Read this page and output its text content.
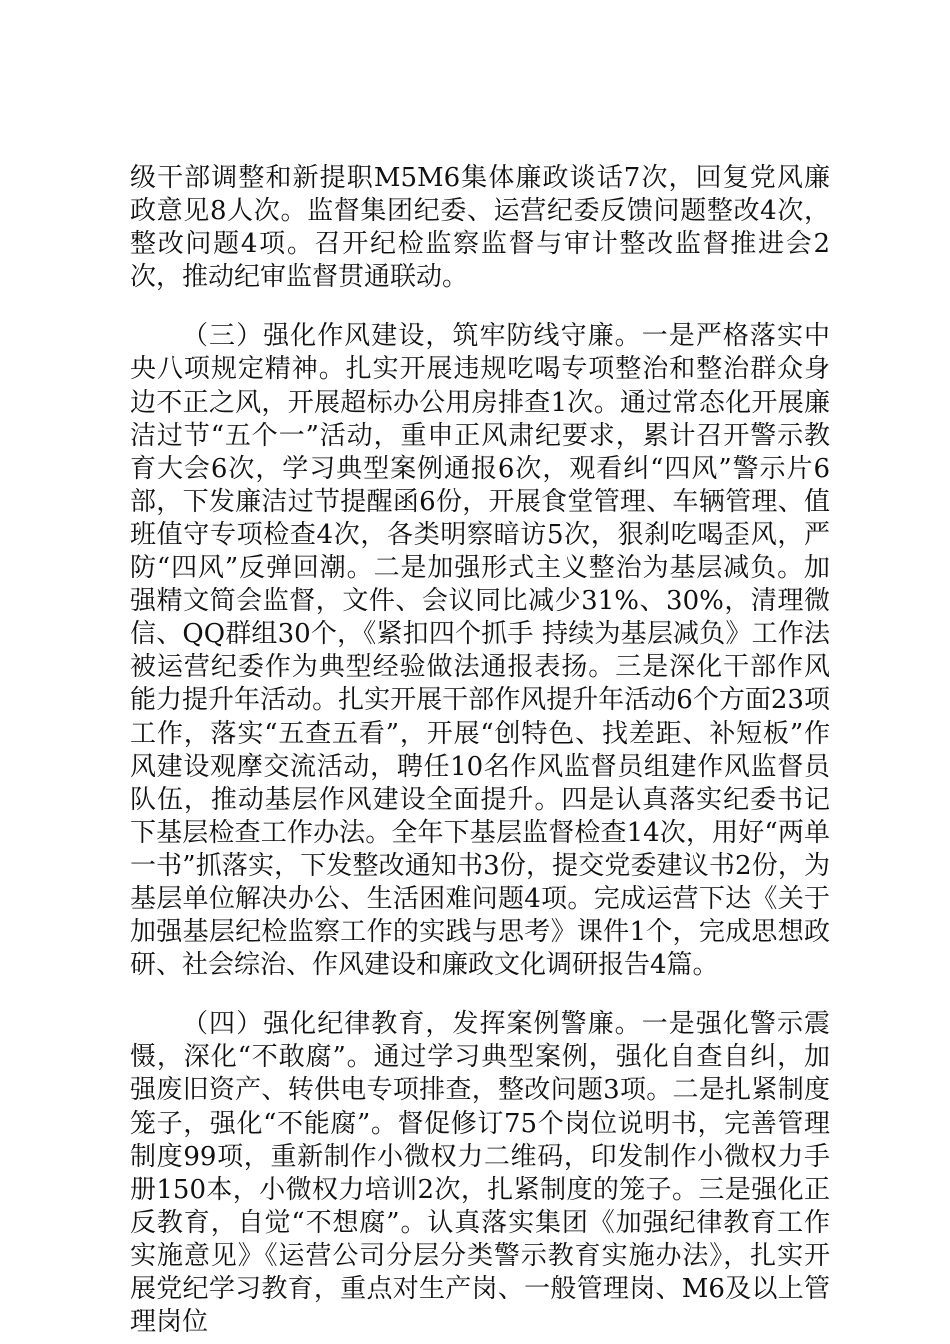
级干部调整和新提职M5M6集体廉政谈话7次，回复党风廉政意见8人次。监督集团纪委、运营纪委反馈问题整改4次，整改问题4项。召开纪检监察监督与审计整改监督推进会2次，推动纪审监督贯通联动。

（三）强化作风建设，筑牢防线守廉。一是严格落实中央八项规定精神。扎实开展违规吃喝专项整治和整治群众身边不正之风，开展超标办公用房排查1次。通过常态化开展廉洁过节“五个一”活动，重申正风肃纪要求，累计召开警示教育大会6次，学习典型案例通报6次，观看纠“四风”警示片6部，下发廉洁过节提醒函6份，开展食堂管理、车辆管理、值班值守专项检查4次，各类明察暗访5次，狠刹吃喝歪风，严防“四风”反弹回潮。二是加强形式主义整治为基层减负。加强精文简会监督，文件、会议同比减少31%、30%，清理微信、QQ群组30个，《紧扣四个抓手 持续为基层减负》工作法被运营纪委作为典型经验做法通报表扬。三是深化干部作风能力提升年活动。扎实开展干部作风提升年活动6个方面23项工作，落实“五查五看”，开展“创特色、找差距、补短板”作风建设观摩交流活动，聘任10名作风监督员组建作风监督员队伍，推动基层作风建设全面提升。四是认真落实纪委书记下基层检查工作办法。全年下基层监督检查14次，用好“两单一书”抓落实，下发整改通知书3份，提交党委建议书2份，为基层单位解决办公、生活困难问题4项。完成运营下达《关于加强基层纪检监察工作的实践与思考》课件1个，完成思想政研、社会综治、作风建设和廉政文化调研报告4篇。

（四）强化纪律教育，发挥案例警廉。一是强化警示震慑，深化“不敢腐”。通过学习典型案例，强化自查自纠，加强废旧资产、转供电专项排查，整改问题3项。二是扎紧制度笼子，强化“不能腐”。督促修订75个岗位说明书，完善管理制度99项，重新制作小微权力二维码，印发制作小微权力手册150本，小微权力培训2次，扎紧制度的笼子。三是强化正反教育，自觉“不想腐”。认真落实集团《加强纪律教育工作实施意见》《运营公司分层分类警示教育实施办法》，扎实开展党纪学习教育，重点对生产岗、一般管理岗、M6及以上管理岗位
